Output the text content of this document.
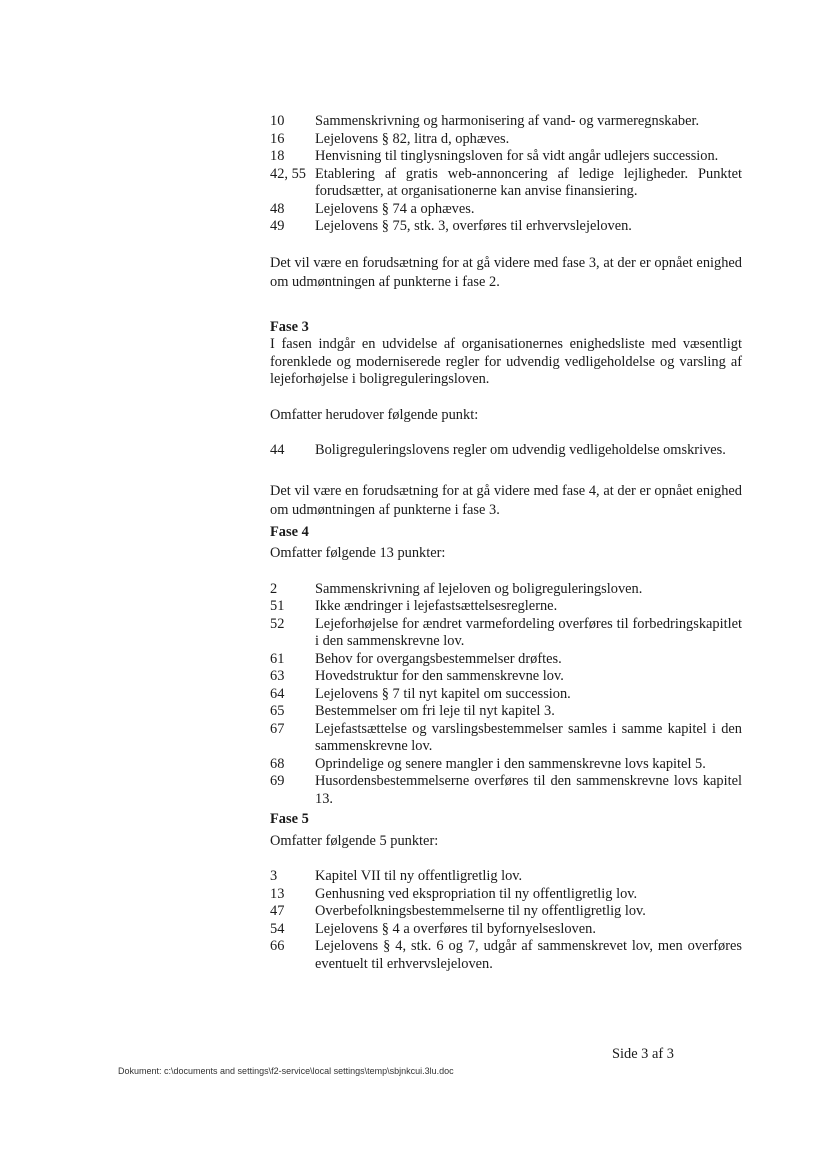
10	Sammenskrivning og harmonisering af vand- og varmeregnskaber.
16	Lejelovens § 82, litra d, ophæves.
18	Henvisning til tinglysningsloven for så vidt angår udlejers succession.
42, 55 Etablering af gratis web-annoncering af ledige lejligheder. Punktet forudsætter, at organisationerne kan anvise finansiering.
48	Lejelovens § 74 a ophæves.
49	Lejelovens § 75, stk. 3, overføres til erhvervslejeloven.
Det vil være en forudsætning for at gå videre med fase 3, at der er opnået enighed om udmøntningen af punkterne i fase 2.
Fase 3
I fasen indgår en udvidelse af organisationernes enighedsliste med væsentligt forenklede og moderniserede regler for udvendig vedligeholdelse og varsling af lejeforhøjelse i boligreguleringsloven.
Omfatter herudover følgende punkt:
44	Boligreguleringslovens regler om udvendig vedligeholdelse omskrives.
Det vil være en forudsætning for at gå videre med fase 4, at der er opnået enighed om udmøntningen af punkterne i fase 3.
Fase 4
Omfatter følgende 13 punkter:
2	Sammenskrivning af lejeloven og boligreguleringsloven.
51	Ikke ændringer i lejefastsættelsesreglerne.
52	Lejeforhøjelse for ændret varmefordeling overføres til forbedringskapitlet i den sammenskrevne lov.
61	Behov for overgangsbestemmelser drøftes.
63	Hovedstruktur for den sammenskrevne lov.
64	Lejelovens § 7 til nyt kapitel om succession.
65	Bestemmelser om fri leje til nyt kapitel 3.
67	Lejefastsættelse og varslingsbestemmelser samles i samme kapitel i den sammenskrevne lov.
68	Oprindelige og senere mangler i den sammenskrevne lovs kapitel 5.
69	Husordensbestemmelserne overføres til den sammenskrevne lovs kapitel 13.
Fase 5
Omfatter følgende 5 punkter:
3	Kapitel VII til ny offentligretlig lov.
13	Genhusning ved ekspropriation til ny offentligretlig lov.
47	Overbefolkningsbestemmelserne til ny offentligretlig lov.
54	Lejelovens § 4 a overføres til byfornyelsesloven.
66	Lejelovens § 4, stk. 6 og 7, udgår af sammenskrevet lov, men overføres eventuelt til erhvervslejeloven.
Side 3 af 3
Dokument: c:\documents and settings\f2-service\local settings\temp\sbjnkcui.3lu.doc
